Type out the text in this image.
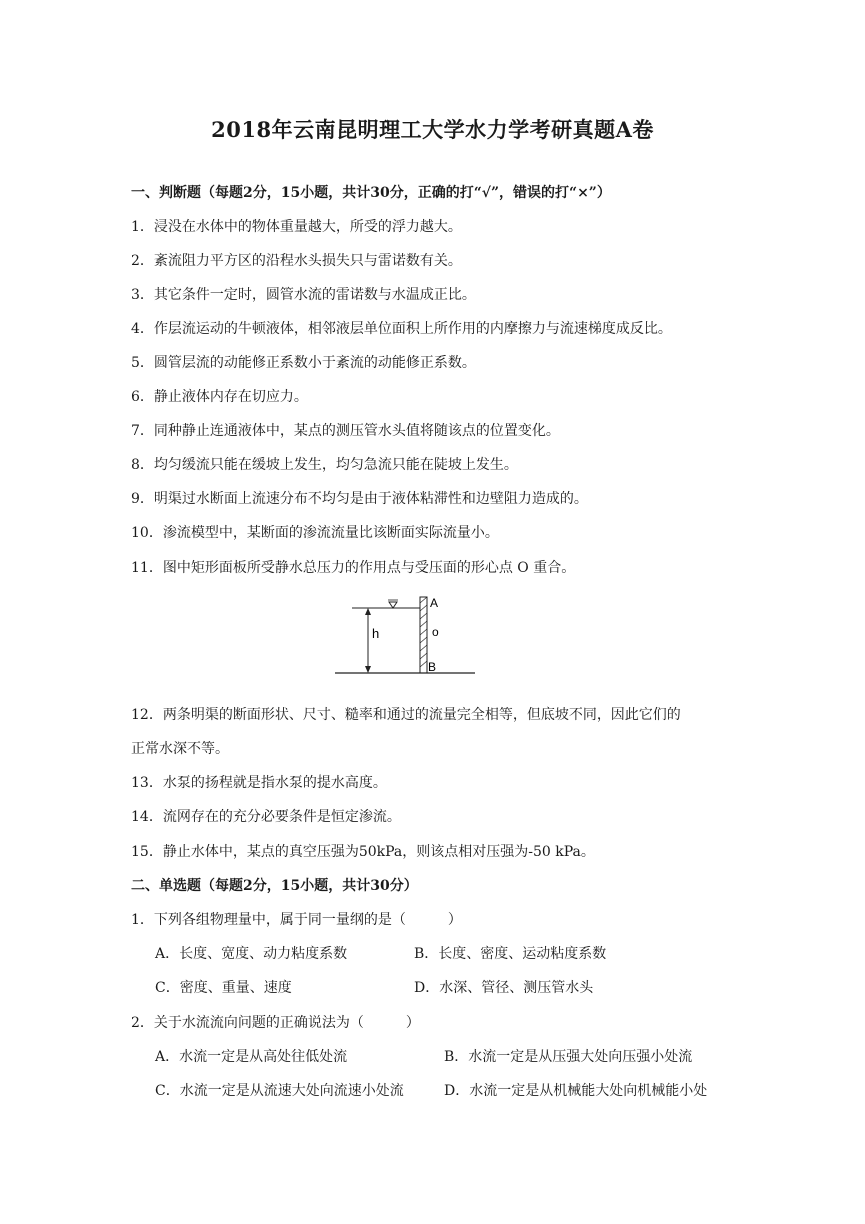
2018年云南昆明理工大学水力学考研真题A卷
一、判断题（每题2分，15小题，共计30分，正确的打“√”，错误的打“×”）
1．浸没在水体中的物体重量越大，所受的浮力越大。
2．紊流阻力平方区的沿程水头损失只与雷诺数有关。
3．其它条件一定时，圆管水流的雷诺数与水温成正比。
4．作层流运动的牛顿液体，相邻液层单位面积上所作用的内摩擦力与流速梯度成反比。
5．圆管层流的动能修正系数小于紊流的动能修正系数。
6．静止液体内存在切应力。
7．同种静止连通液体中，某点的测压管水头值将随该点的位置变化。
8．均匀缓流只能在缓坡上发生，均匀急流只能在陡坡上发生。
9．明渠过水断面上流速分布不均匀是由于液体粘滞性和边壁阻力造成的。
10．渗流模型中，某断面的渗流流量比该断面实际流量小。
11．图中矩形面板所受静水总压力的作用点与受压面的形心点 O 重合。
h
A
o
B
12．两条明渠的断面形状、尺寸、糙率和通过的流量完全相等，但底坡不同，因此它们的
正常水深不等。
13．水泵的扬程就是指水泵的提水高度。
14．流网存在的充分必要条件是恒定渗流。
15．静止水体中，某点的真空压强为50kPa，则该点相对压强为-50 kPa。
二、单选题（每题2分，15小题，共计30分）
1．下列各组物理量中，属于同一量纲的是（　　　）
A．长度、宽度、动力粘度系数	B．长度、密度、运动粘度系数
C．密度、重量、速度	D．水深、管径、测压管水头
2．关于水流流向问题的正确说法为（　　　）
A．水流一定是从高处往低处流	B．水流一定是从压强大处向压强小处流
C．水流一定是从流速大处向流速小处流	D．水流一定是从机械能大处向机械能小处
